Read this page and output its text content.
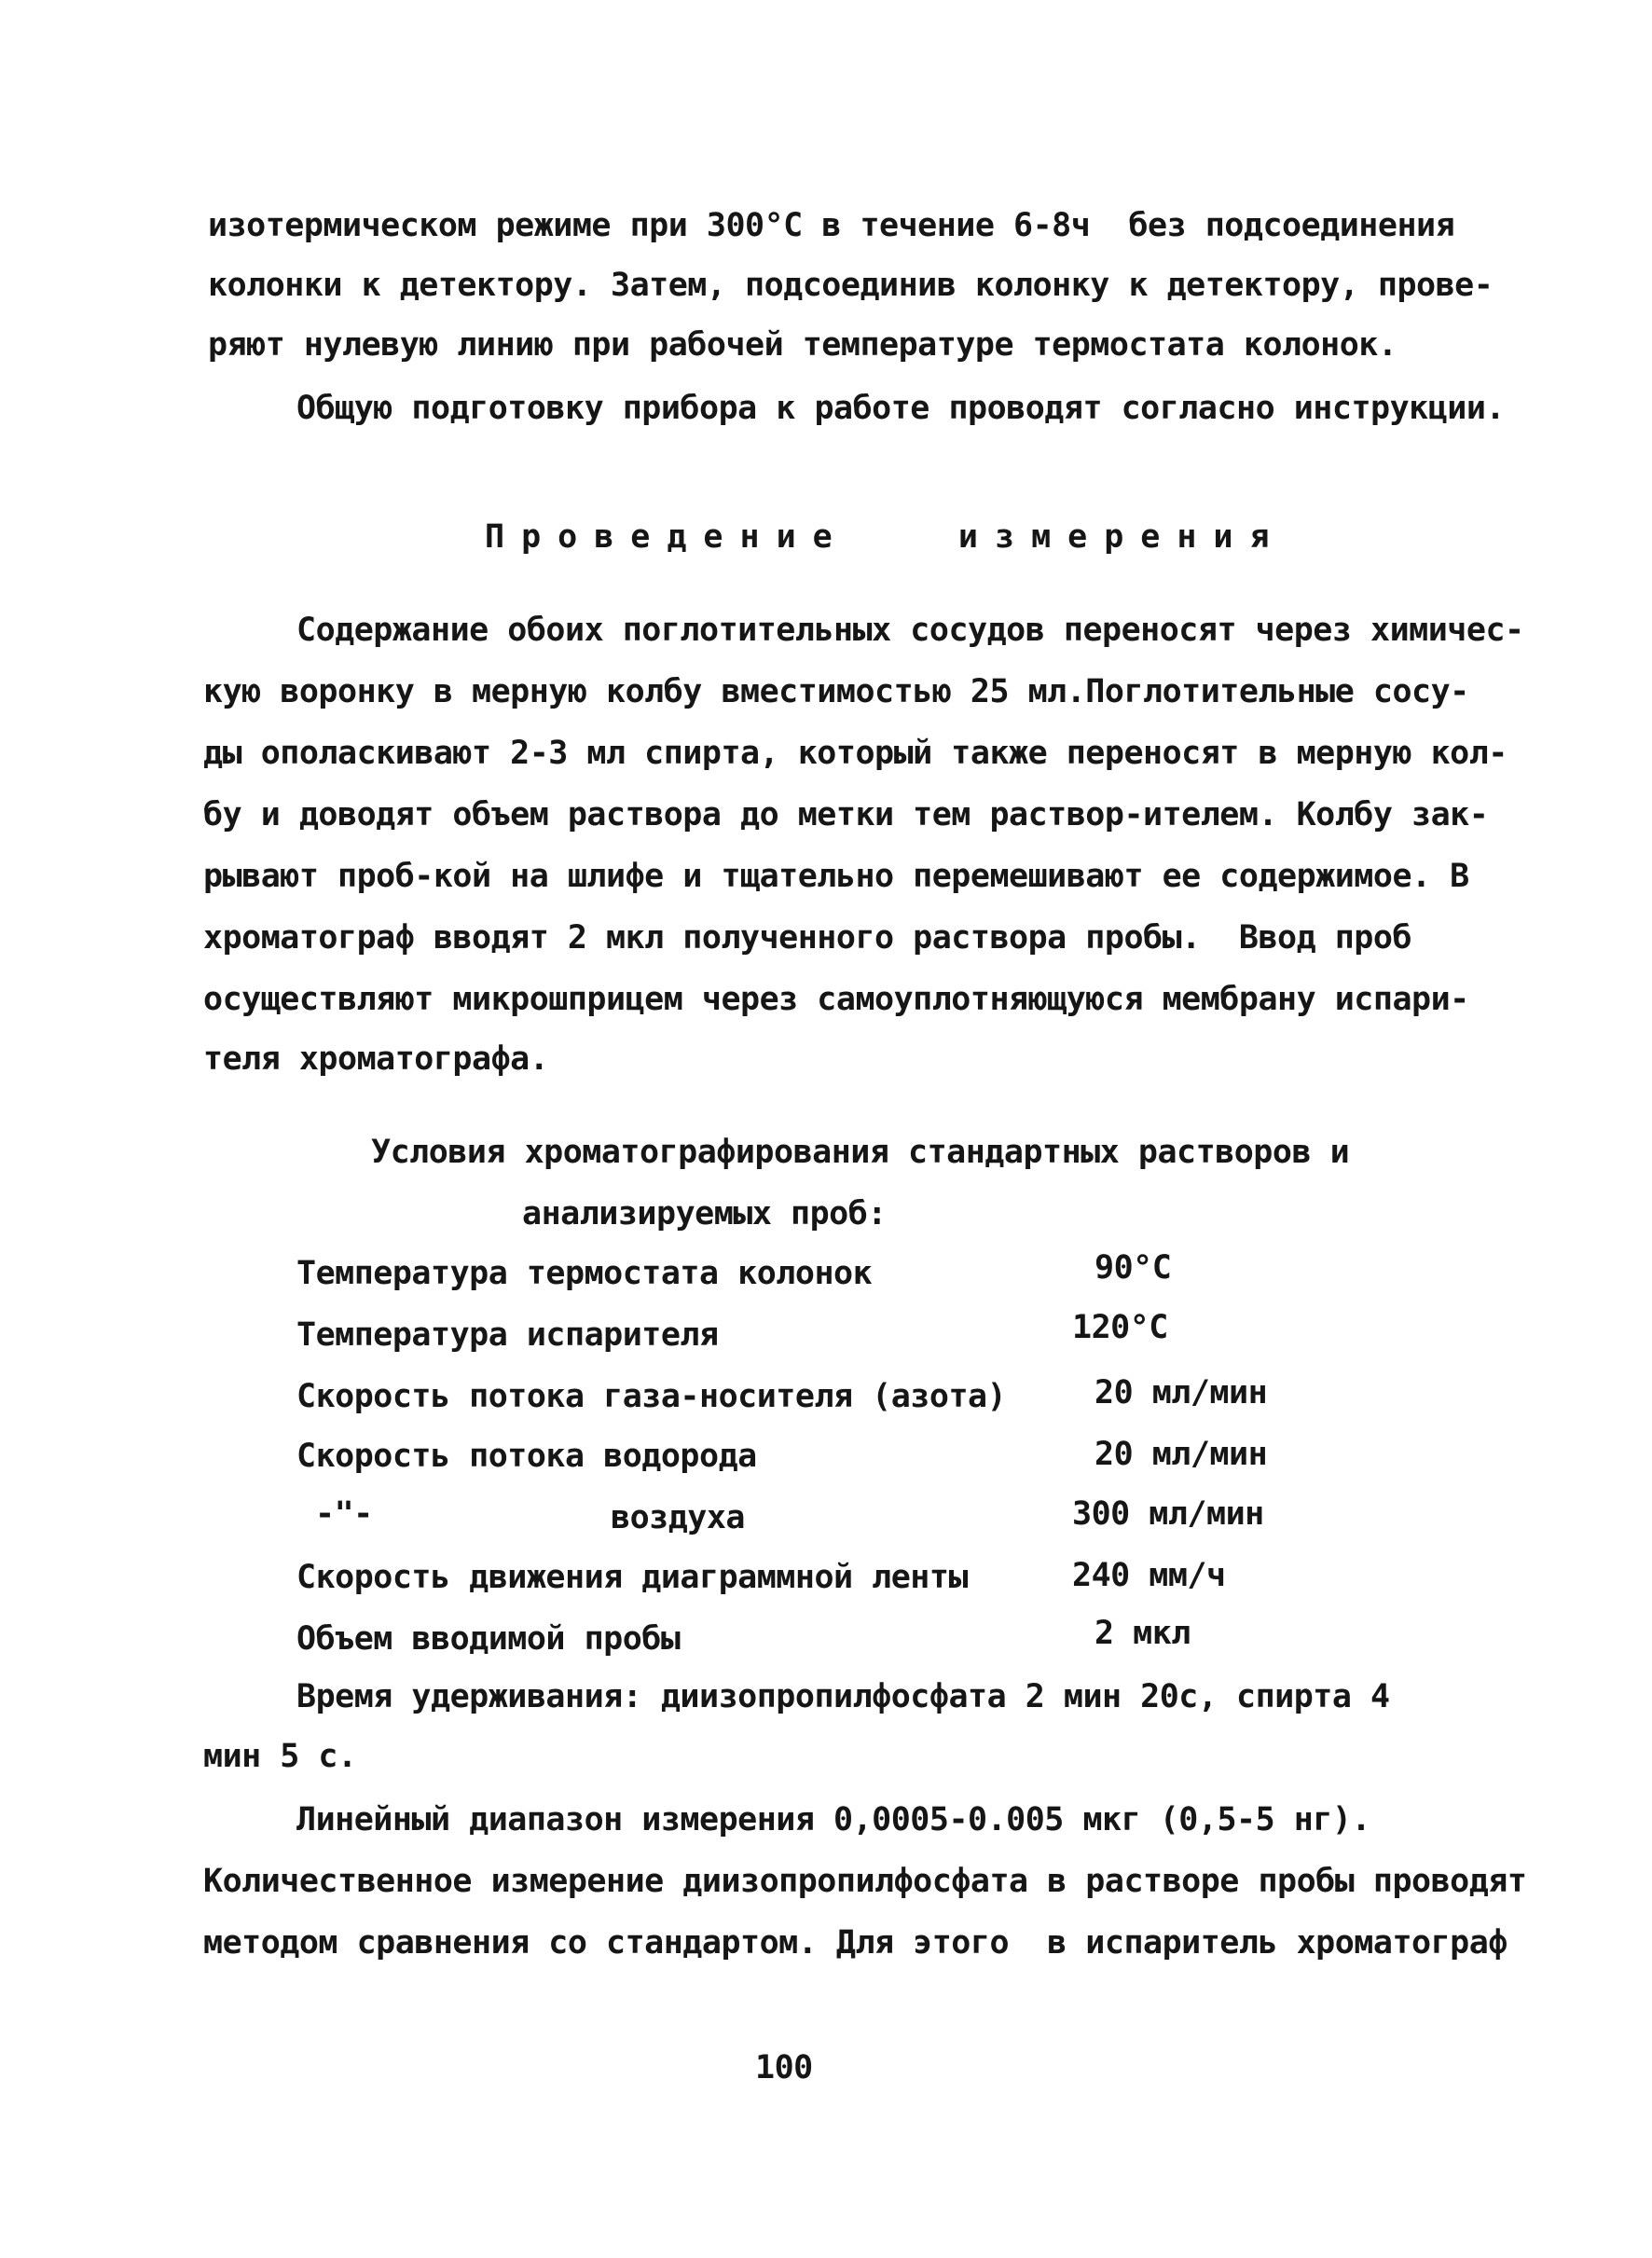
изотермическом режиме при 300°С в течение 6-8ч  без подсоединения
колонки к детектору. Затем, подсоединив колонку к детектору, прове-
ряют нулевую линию при рабочей температуре термостата колонок.
Общую подготовку прибора к работе проводят согласно инструкции.
Проведение   измерения
Содержание обоих поглотительных сосудов переносят через химичес-
кую воронку в мерную колбу вместимостью 25 мл.Поглотительные сосу-
ды ополаскивают 2-3 мл спирта, который также переносят в мерную кол-
бу и доводят объем раствора до метки тем раствор-ителем. Колбу зак-
рывают проб-кой на шлифе и тщательно перемешивают ее содержимое. В
хроматограф вводят 2 мкл полученного раствора пробы.  Ввод проб
осуществляют микрошприцем через самоуплотняющуюся мембрану испари-
теля хроматографа.
Условия хроматографирования стандартных растворов и
анализируемых проб:
Температура термостата колонок	90°С
Температура испарителя	120°С
Скорость потока газа-носителя (азота)	20 мл/мин
Скорость потока водорода	20 мл/мин
-"-	воздуха	300 мл/мин
Скорость движения диаграммной ленты	240 мм/ч
Объем вводимой пробы	2 мкл
Время удерживания: диизопропилфосфата 2 мин 20с, спирта 4
мин 5 с.
Линейный диапазон измерения 0,0005-0.005 мкг (0,5-5 нг).
Количественное измерение диизопропилфосфата в растворе пробы проводят
методом сравнения со стандартом. Для этого  в испаритель хроматограф
100
